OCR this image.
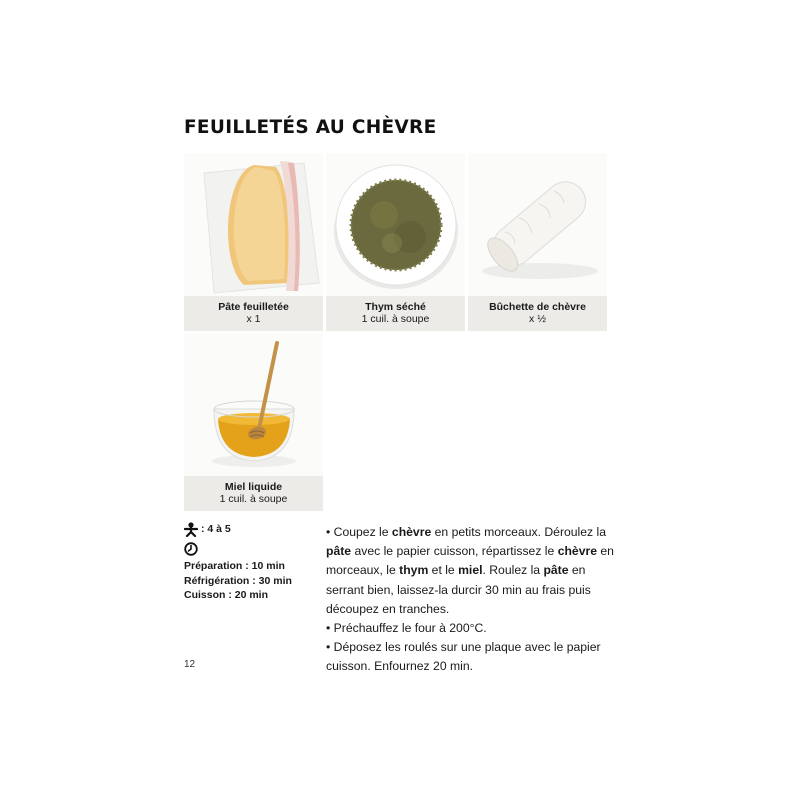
FEUILLETÉS AU CHÈVRE
Pâte feuilletée
x 1
Thym séché
1 cuil. à soupe
Bûchette de chèvre
x ½
Miel liquide
1 cuil. à soupe
: 4 à 5
Préparation : 10 min
Réfrigération : 30 min
Cuisson : 20 min

• Coupez le chèvre en petits morceaux. Déroulez la pâte avec le papier cuisson, répartissez le chèvre en morceaux, le thym et le miel. Roulez la pâte en serrant bien, laissez-la durcir 30 min au frais puis découpez en tranches.

• Préchauffez le four à 200°C.

• Déposez les roulés sur une plaque avec le papier cuisson. Enfournez 20 min.

12
